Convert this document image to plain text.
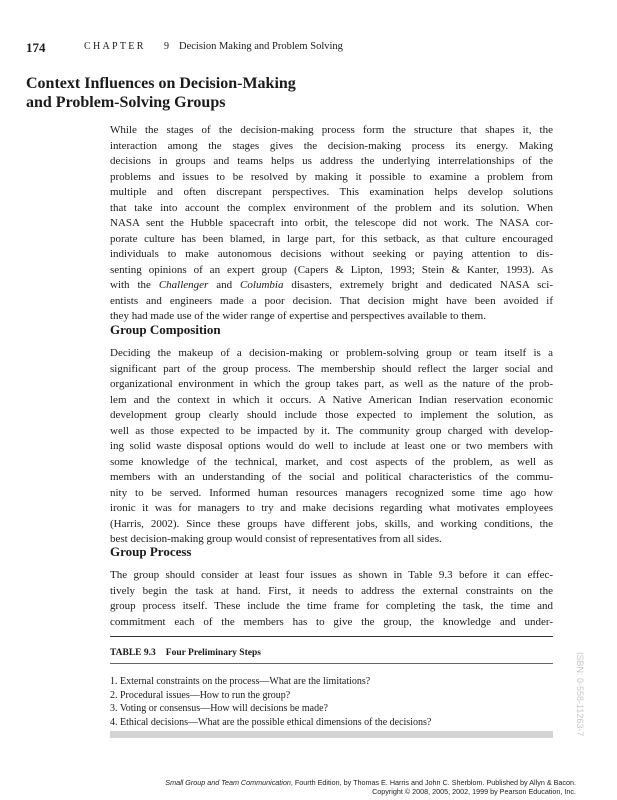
174	CHAPTER 9 Decision Making and Problem Solving
Context Influences on Decision-Making
and Problem-Solving Groups

While the stages of the decision-making process form the structure that shapes it, the
interaction among the stages gives the decision-making process its energy. Making
decisions in groups and teams helps us address the underlying interrelationships of the
problems and issues to be resolved by making it possible to examine a problem from
multiple and often discrepant perspectives. This examination helps develop solutions
that take into account the complex environment of the problem and its solution. When
NASA sent the Hubble spacecraft into orbit, the telescope did not work. The NASA cor-
porate culture has been blamed, in large part, for this setback, as that culture encouraged
individuals to make autonomous decisions without seeking or paying attention to dis-
senting opinions of an expert group (Capers & Lipton, 1993; Stein & Kanter, 1993). As
with the Challenger and Columbia disasters, extremely bright and dedicated NASA sci-
entists and engineers made a poor decision. That decision might have been avoided if
they had made use of the wider range of expertise and perspectives available to them.

Group Composition

Deciding the makeup of a decision-making or problem-solving group or team itself is a
significant part of the group process. The membership should reflect the larger social and
organizational environment in which the group takes part, as well as the nature of the prob-
lem and the context in which it occurs. A Native American Indian reservation economic
development group clearly should include those expected to implement the solution, as
well as those expected to be impacted by it. The community group charged with develop-
ing solid waste disposal options would do well to include at least one or two members with
some knowledge of the technical, market, and cost aspects of the problem, as well as
members with an understanding of the social and political characteristics of the commu-
nity to be served. Informed human resources managers recognized some time ago how
ironic it was for managers to try and make decisions regarding what motivates employees
(Harris, 2002). Since these groups have different jobs, skills, and working conditions, the
best decision-making group would consist of representatives from all sides.

Group Process

The group should consider at least four issues as shown in Table 9.3 before it can effec-
tively begin the task at hand. First, it needs to address the external constraints on the
group process itself. These include the time frame for completing the task, the time and
commitment each of the members has to give the group, the knowledge and under-

TABLE 9.3 Four Preliminary Steps
1. External constraints on the process—What are the limitations?
2. Procedural issues—How to run the group?
3. Voting or consensus—How will decisions be made?
4. Ethical decisions—What are the possible ethical dimensions of the decisions?	ISBN: 0-558-11263-7
Small Group and Team Communication, Fourth Edition, by Thomas E. Harris and John C. Sherblom. Published by Allyn & Bacon.
Copyright © 2008, 2005, 2002, 1999 by Pearson Education, Inc.
